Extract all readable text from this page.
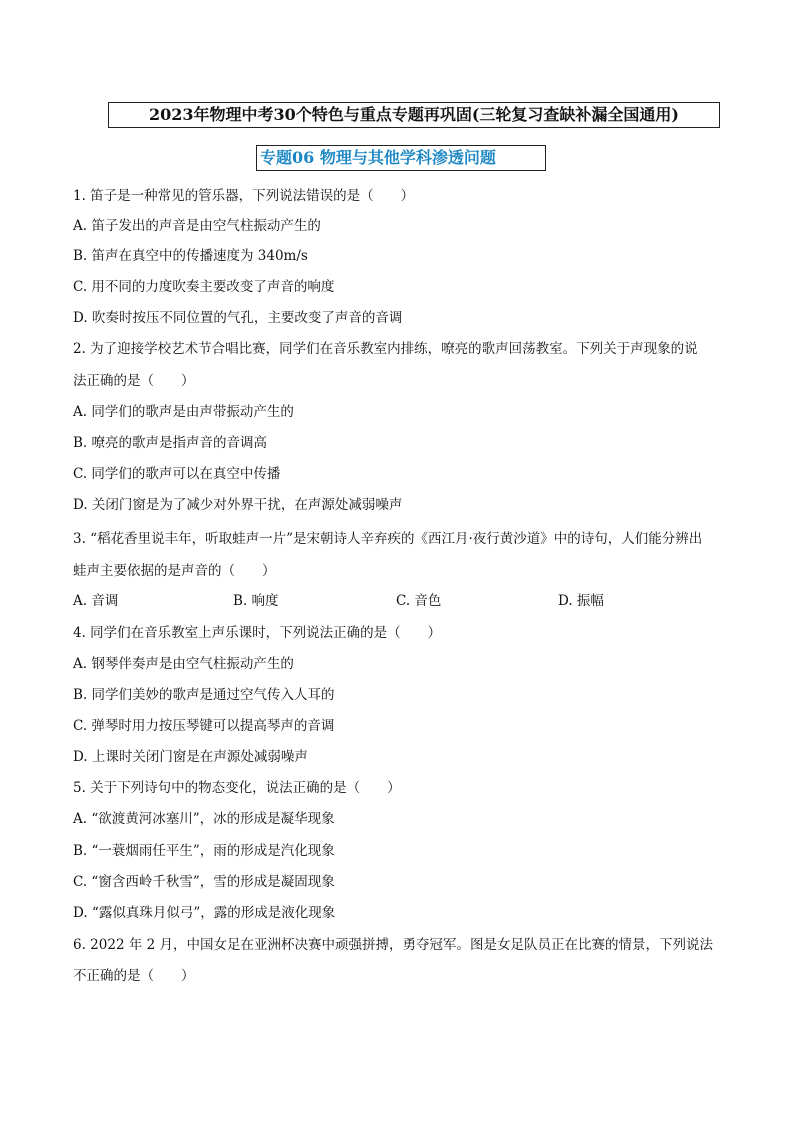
2023年物理中考30个特色与重点专题再巩固(三轮复习查缺补漏全国通用)
专题06 物理与其他学科渗透问题
1. 笛子是一种常见的管乐器，下列说法错误的是（　　）
A. 笛子发出的声音是由空气柱振动产生的
B. 笛声在真空中的传播速度为 340m/s
C. 用不同的力度吹奏主要改变了声音的响度
D. 吹奏时按压不同位置的气孔，主要改变了声音的音调
2. 为了迎接学校艺术节合唱比赛，同学们在音乐教室内排练，嘹亮的歌声回荡教室。下列关于声现象的说
法正确的是（　　）
A. 同学们的歌声是由声带振动产生的
B. 嘹亮的歌声是指声音的音调高
C. 同学们的歌声可以在真空中传播
D. 关闭门窗是为了减少对外界干扰，在声源处减弱噪声
3. “稻花香里说丰年，听取蛙声一片”是宋朝诗人辛弃疾的《西江月·夜行黄沙道》中的诗句，人们能分辨出
蛙声主要依据的是声音的（　　）
A. 音调	B. 响度	C. 音色	D. 振幅
4. 同学们在音乐教室上声乐课时，下列说法正确的是（　　）
A. 钢琴伴奏声是由空气柱振动产生的
B. 同学们美妙的歌声是通过空气传入人耳的
C. 弹琴时用力按压琴键可以提高琴声的音调
D. 上课时关闭门窗是在声源处减弱噪声
5. 关于下列诗句中的物态变化，说法正确的是（　　）
A. “欲渡黄河冰塞川”，冰的形成是凝华现象
B. “一蓑烟雨任平生”，雨的形成是汽化现象
C. “窗含西岭千秋雪”，雪的形成是凝固现象
D. “露似真珠月似弓”，露的形成是液化现象
6. 2022 年 2 月，中国女足在亚洲杯决赛中顽强拼搏，勇夺冠军。图是女足队员正在比赛的情景，下列说法
不正确的是（　　）
